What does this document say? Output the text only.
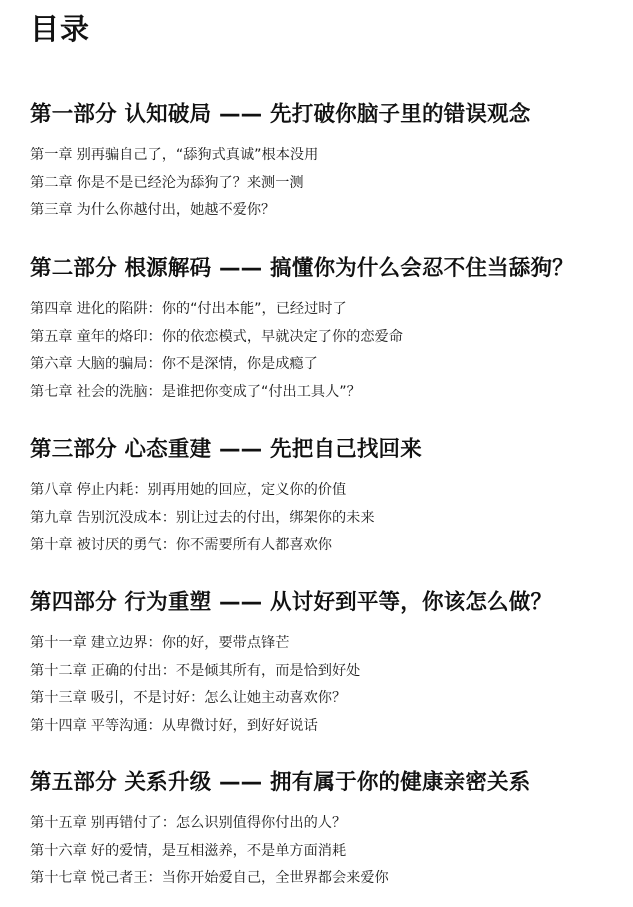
目录
第一部分 认知破局 —— 先打破你脑子里的错误观念
第一章 别再骗自己了，“舔狗式真诚”根本没用
第二章 你是不是已经沦为舔狗了？来测一测
第三章 为什么你越付出，她越不爱你？
第二部分 根源解码 —— 搞懂你为什么会忍不住当舔狗？
第四章 进化的陷阱：你的“付出本能”，已经过时了
第五章 童年的烙印：你的依恋模式，早就决定了你的恋爱命
第六章 大脑的骗局：你不是深情，你是成瘾了
第七章 社会的洗脑：是谁把你变成了“付出工具人”？
第三部分 心态重建 —— 先把自己找回来
第八章 停止内耗：别再用她的回应，定义你的价值
第九章 告别沉没成本：别让过去的付出，绑架你的未来
第十章 被讨厌的勇气：你不需要所有人都喜欢你
第四部分 行为重塑 —— 从讨好到平等，你该怎么做？
第十一章 建立边界：你的好，要带点锋芒
第十二章 正确的付出：不是倾其所有，而是恰到好处
第十三章 吸引，不是讨好：怎么让她主动喜欢你？
第十四章 平等沟通：从卑微讨好，到好好说话
第五部分 关系升级 —— 拥有属于你的健康亲密关系
第十五章 别再错付了：怎么识别值得你付出的人？
第十六章 好的爱情，是互相滋养，不是单方面消耗
第十七章 悦己者王：当你开始爱自己，全世界都会来爱你
